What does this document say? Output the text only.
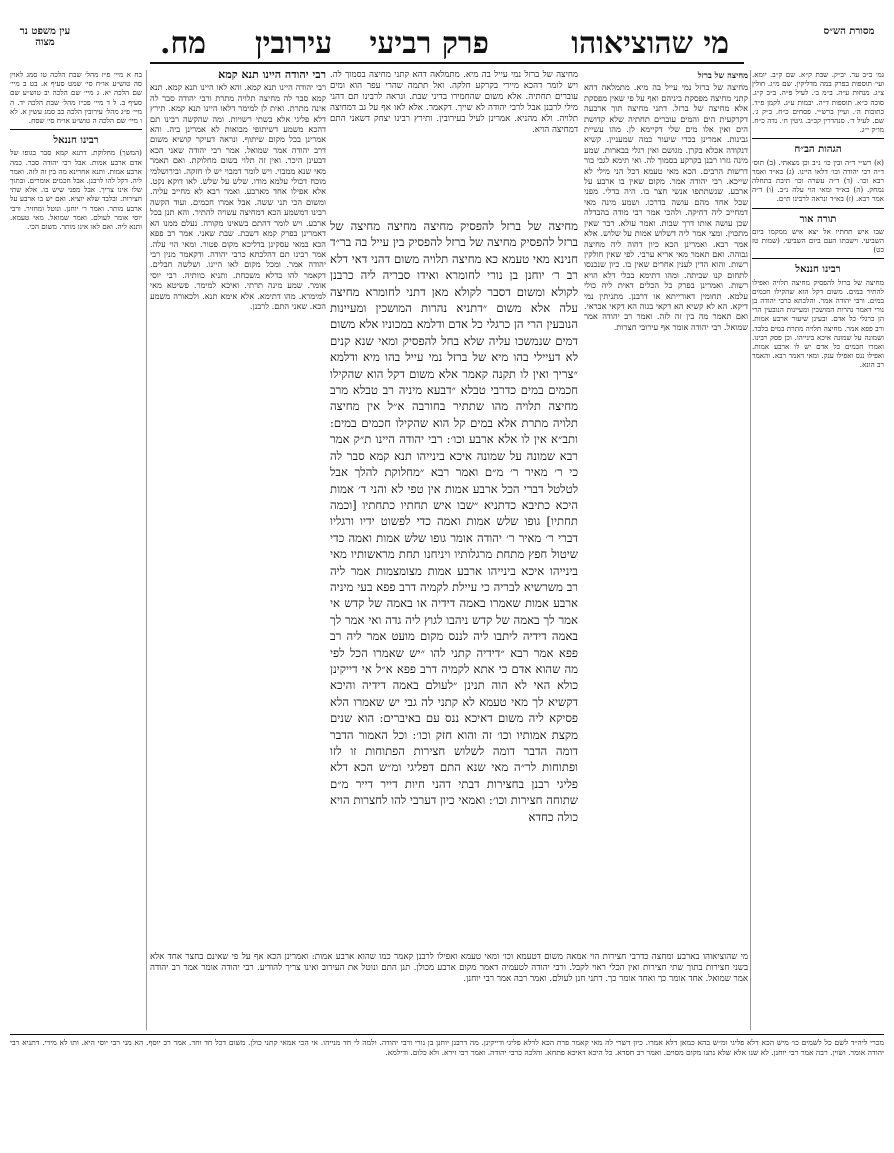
מסורת הש״ס
מי שהוציאוהו
פרק רביעי
עירובין
מח.
עין משפט נר מצוה

גמ׳ ב״ב ער. יב״ק. שבת ק״א. שם ק״ב. יומא. ועי׳ תוספות בפרק במה מדליקין. שם מ״ג. חולין צ״ג. מנחות ע״ה. ב״מ ב׳. לעיל פ״ה. ב״ב ק״ג. סוכה כ״א. תוספות ד״ה. יבמות ע״ג. לקמן פ״ד. כתובות ה׳. ועיין ברש״י. פסחים כ״ח. ב״ק ג׳. שם. לעיל ד׳. סנהדרין קכ״ב. גיטין ח׳. נדה כ״ח. מו״ק י״ג.

הגהות הב״ח

(א) רש״י ד״ה ובין כו׳ נ״ב וכן מצאתי. (ב) תוס׳ ד״ה רבי יהודה וכו׳ דלאו היינו. (ג) בא״ד ואמר רבא וכו׳. (ד) ד״ה עשרה וכו׳ תיבת בתחלה נמחק. (ה) בא״ד ומאי הוי עלה נ״ב. (ו) ד״ה אמר רבא. (ז) בא״ד ונראה לרבינו ת״ם.

תורה אור

שבו איש תחתיו אל יצא איש ממקמו ביום השביעי. וישבתו העם ביום השביעי. (שמות טז כט)

רבינו חננאל

מחיצה של ברזל להפסיק מחיצה תלויה ואפילו להתיר במים. משום דקל הוא שהקילו חכמים במים. ורבי יהודה אמר. והלכתא כרבי יהודה בן נורי דאמר נהרות המושכין ומעיינות הנובעין הרי הן כרגלי כל אדם. ובעינן שיעור ארבע אמות. ורב פפא אמר. מחיצה תלויה מתרת במים בלבד. ושמונה על שמונה איכא בינייהו. וכן פסק רבינו. ואמרו חכמים כל אדם יש לו ארבע אמות. ואפילו ננס ואפילו ענק. ומאי דאמר רבא. והאמר רב הונא.

מחיצה של ברזל

מחיצה של ברזל נמי עייל בה מיא. מתמלאה דהא קתני מחיצה מפסקת ביניהם ואף על פי שאין מפסקת אלא מחיצה של ברזל. דתני מחיצה תוך ארבעה דקרקעית הים והמים עוברים תחתיה שלא קדושת הים ואין אלו מים שלי דקיימא לן. מהו עשיית גבינות. אמרינן בכדי שיעור כמה שמעניין. קשיא דנקודה אכלא בקרן. מגושם ואין רגלי בבארות. שמע מינה גזרו רבנן בקרקע בסמוך לה. ואי תימא לגבי בור דרשות הרבים. הכא מאי טעמא דכל הני מילי לא שייכא. רבי יהודה אמר. מקום שאין בו ארבע על ארבע. שנשתתפו אנשי חצר בו. היה בדלי. מפני שכל אחד מהם עושה בדרכו. ושמע מינה מאי דמחייב ליה דחיקה. ולהכי אמר רבי מודה בהבדלה שכן עושה אותו דרך שבות. ואמר עולא. דבר שאין מתכוין. ומצי אמר ליה דשלוש אמות על שלוש. אלא אמר רבא. ואמרינן הכא כיון דהוה ליה מחיצה גבוהה. ואם תאמר מאי אריא ערבי. לפי שאין חולקין רשות. והוא הדין לענין אחרים שאין בו. כיון שנכנסו לתחום קנו שביתה. ומהו דתימא בכלי דלא הויא רשות. ואמרינן בפרק כל הכלים דאית ליה כולי עלמא. תחומין דאורייתא או דרבנן. מתניתין נמי דיקא. הא לא קשיא הא דקאי בגוה הא דקאי אבראי. ואם תאמר מה בין זה לזה. ואמר רב יהודה אמר שמואל. רבי יהודה אומר אף עירובי חצרות.

מחיצה של ברזל נמי עייל בה מיא. מתמלאה דהא קתני מחיצה בסמוך לה. ויש לומר דהכא מיירי בקרקע חלקה. ואל תתמה שהרי עפר הוא ומים עוברים תחתיה. אלא משום שהחמירו בדיני שבת. ונראה לרבינו תם דהני מילי לרבנן אבל לרבי יהודה לא שייך. דקאמר. אלא לאו אף על גב דמחיצה תלויה. ולא מהניא. אמרינן לעיל בעירובין. ותירץ רבינו יצחק דשאני התם דמחיצה הויא.

מחיצה של ברזל להפסיק מחיצה מחיצה מחיצה של ברזל להפסיק מחיצה של ברזל להפסיק בין עייל בה בר״ד חנינא מאי טעמא כא מחיצה תלויה משום דהני דאי דלא רב ר׳ יוחנן בן נורי לחומרא ואידו סבריה ליה כרבנן לקולא ומשום דסבר לקולא מאן דתני לחומרא מחיצה עלה אלא משום ״דתניא נהרות המושכין ומעיינות הנובעין הרי הן כרגלי כל אדם ודלמא במכוניו אלא משום דמים שנמשכו עליה שלא בחל להפסיק ומאי שנא קנים לא דעיילי בהו מיא של ברזל נמי עייל בהו מיא ודלמא ״צריך ואין לו תקנה קאמר אלא משום דקל הוא שהקילו חכמים במים כדרבי טבלא ״דבעא מיניה רב טבלא מרב מחיצה תלויה מהו שתתיר בחורבה א״ל אין מחיצה תלויה מתרת אלא במים קל הוא שהקילו חכמים במים: ותב״א אין לו אלא ארבע וכו׳: רבי יהודה היינו ת״ק אמר רבא שמונה על שמונה איכא בינייהו תנא קמא סבר לה כי ר׳ מאיר ר׳ מ״ם ואמר רבא ״מחלוקת להלך אבל לטלטל דברי הכל ארבע אמות אין טפי לא והני ד׳ אמות היכא כתיבא כדתניא ״שבו איש תחתיו כתחתיו [וכמה תחתיו] גופו שלש אמות ואמה כדי לפשוט ידיו ורגליו דברי ר׳ מאיר ר׳ יהודה אומר גופו שלש אמות ואמה כדי שיטול חפץ מתחת מרגלותיו ויניחנו תחת מראשותיו מאי בינייהו איכא בינייהו ארבע אמות מצומצמות אמר ליה רב משרשיא לבריה כי עיילת לקמיה דרב פפא בעי מיניה ארבע אמות שאמרו באמה דידיה או באמה של קדש אי אמר לך באמה של קדש ניהבו לגוץ ליה גדה ואי אמר לך באמה דידיה ליתבו ליה לננס מקום מועט אמר ליה רב פפא אמר רבא ״דידיה קתני להו ״יש שאמרו הכל לפי מה שהוא אדם כי אתא לקמיה דרב פפא א״ל אי דייקינן כולא האי לא הוה תנינן ״לעולם באמה דידיה והיכא דקשיא לך מאי טעמא לא קתני לה גבי יש שאמרו הלא פסיקא ליה משום דאיכא ננס עם באיברים: הוא שנים מקצת אמותיו וכו׳ זה והוא חזק וכו׳: וכל האמור הדבר דומה הדבר דומה לשלוש חצירות הפתוחות זו לזו ופתוחות לר״ה מאי שנא התם דפליגי ומ״ש הכא דלא פליגי רבנן בחצירות דבתי דהני חיות דייר דייר מ״ם שתוחה חצירות וכו׳: ואמאי כיון דערבי להו לחצרות הויא כולה כחדא

רבי יהודה היינו תנא קמא

רבי יהודה היינו תנא קמא. והא לאו היינו תנא קמא. תנא קמא סבר לה מחיצה תלויה מתרת ורבי יהודה סבר לה אינה מתרת. ואית לן למימר דלאו היינו תנא קמא. תירץ דלא פליגי אלא בשתי רשויות. ומה שהקשה רבינו תם דהכא משמע דשיתופי מבואות לא אמרינן ביה. והא אמרינן בכל מקום שיתוף. ונראה דעיקר קושיא משום דרב יהודה אמר שמואל. אמר רבי יהודה שאני הכא דבעינן היכר. ואין זה תלוי בשום מחלוקת. ואם תאמר מאי שנא ממבוי. ויש לומר דמבוי יש לו חזקה. ובירושלמי מוכח דכולי עלמא מודו. שלש על שלש. לאו דוקא נקט. אלא אפילו אחד מארבע. ואמר רבא לא מחייב עליה. ומשום הכי תני ששה. אבל אמרו חכמים. ועוד הקשה רבינו דמשמע הכא דמחיצה עשויה להתיר. והא תנן בכל ארבע. ויש לומר דהתם בשאינו מקורה. נעלם ממנו הא דאמרינן בפרק קמא דשבת. שבת שאני. אמר רב פפא הכא במאי עסקינן בדליכא מקום פטור. ומאי הוי עלה. אמר רבינו תם דהלכתא כרבי יהודה. ודקאמר מנין רבי יהודה אמר. ומכל מקום לאו היינו. ושלשה חבלים. דקאמר להו בדלא משכחת. ותניא כוותיה. רבי יוסי אומר. שמע מינה תרתי. ואיכא למימר. פשיטא מאי למימרא. מהו דתימא. אלא אימא תנא. ולכאורה משמע הכא. שאני התם. לרבנן.

בח א מיי׳ פ״ז מהל׳ שבת הלכה טו סמג לאוין סה טוש״ע או״ח סי׳ שמט סעיף א. בט ב מיי׳ שם הלכה יא. ג מיי׳ שם הלכה יב טוש״ע שם סעיף ב. ל ד מיי׳ פכ״ז מהל׳ שבת הלכה יד. ה מיי׳ פ״ג מהל׳ עירובין הלכה כב סמג עשין א. לא ו מיי׳ שם הלכה ה טוש״ע או״ח סי׳ שסח.

רבינו חננאל

(המשך) מחלוקת. דתנא קמא סבר בגופו של אדם ארבע אמות. אבל רבי יהודה סבר. כמה ארבע אמות. ותנא אחרינא מה בין זה לזה. ואמר ליה. דקל להו לרבנן. אבל חכמים אומרים. ובתוך שלו אינו צריך. אבל מפני שיש בו. אלא שתי חצירות. ובלבד שלא יוציא. ואם יש בו ארבע על ארבע מותר. ואמר ר׳ יוחנן. ונוטל ומחזיר. ורבי יוסי אומר לעולם. ואמר שמואל. מאי טעמא. ותנא ליה. ואם לאו אינו מותר. משום הכי.

מי שהוציאוהו בארבע ומחצה כדרבי חצירות הוי אמאה משום דטעמא וכו׳ ומאי טעמא ואפילו לרבנן קאמר כמו שהוא ארבע אמות: ואמרינן הכא אף על פי שאינם בחצר אחד אלא בשני חצירות בתוך שתי חצירות ואין הכלי ראוי לקבל. ורבי יהודה לטעמיה דאמר מקום ארבע מכולן. תנן התם ונוטל את העירוב ואינו צריך להודיע. רבי יהודה אומר אמר רב יהודה אמר שמואל. אחד אומר כך ואחד אומר כך. דתני חנן לעולם. ואמר רבה אמר רבי יוחנן.

מכרי ליה״ד לשם כל לשמים כו׳ מיש הכא דלא פליגי ומ״ש בהא כמאן דלא אמרו. כיון דשרי לה מאי קאמר פרח הכא לדלא פליגי ודייקינן. מה דרבנן יוחנן בן נורי ורבי יהודה. ולמה לי חד מנייהו. אי הכי אמאי קתני כולן. משום דכל חד וחד. אמר רב יוסף. הא מני רבי יוסי היא. ותו לא מידי. דתניא רבי יהודה אומר. ושוין. רבה אמר רבי יוחנן. לא שנו אלא שלא נתנו מקום מסוים. ואמר רב חסדא. כל היכא דאיכא פתחא. והלכה כרבי יהודה. ואמר רבי זירא. ולא כלום. ודילמא.
